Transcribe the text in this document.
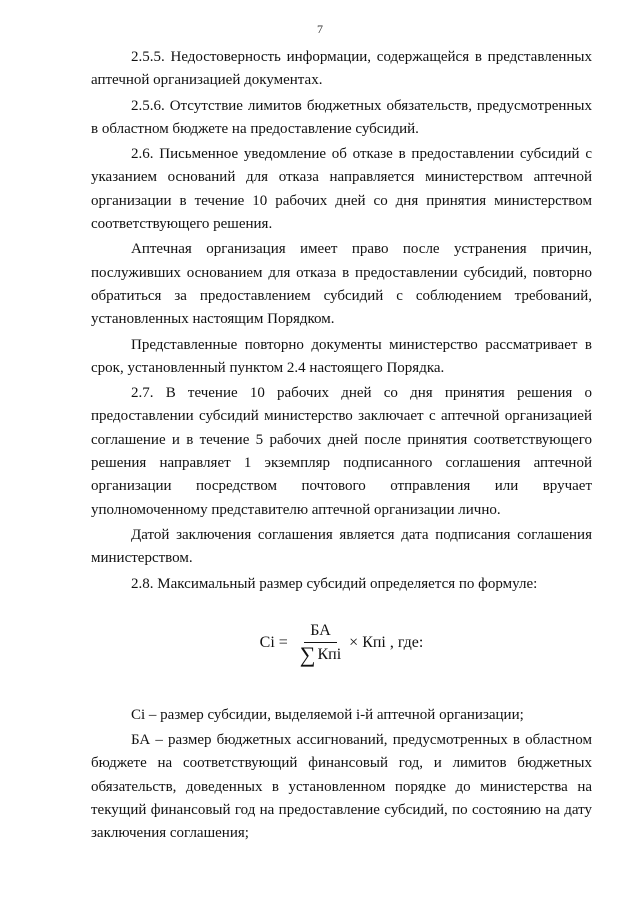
7

2.5.5. Недостоверность информации, содержащейся в представленных аптечной организацией документах.

2.5.6. Отсутствие лимитов бюджетных обязательств, предусмотренных в областном бюджете на предоставление субсидий.

2.6. Письменное уведомление об отказе в предоставлении субсидий с указанием оснований для отказа направляется министерством аптечной организации в течение 10 рабочих дней со дня принятия министерством соответствующего решения.

Аптечная организация имеет право после устранения причин, послуживших основанием для отказа в предоставлении субсидий, повторно обратиться за предоставлением субсидий с соблюдением требований, установленных настоящим Порядком.

Представленные повторно документы министерство рассматривает в срок, установленный пунктом 2.4 настоящего Порядка.

2.7. В течение 10 рабочих дней со дня принятия решения о предоставлении субсидий министерство заключает с аптечной организацией соглашение и в течение 5 рабочих дней после принятия соответствующего решения направляет 1 экземпляр подписанного соглашения аптечной организации посредством почтового отправления или вручает уполномоченному представителю аптечной организации лично.

Датой заключения соглашения является дата подписания соглашения министерством.

2.8. Максимальный размер субсидий определяется по формуле:

$Ci = \frac{БА}{\text{∑ Кпi}}$ × Кпi , где:

Ci – размер субсидии, выделяемой i-й аптечной организации;

БА – размер бюджетных ассигнований, предусмотренных в областном бюджете на соответствующий финансовый год, и лимитов бюджетных обязательств, доведенных в установленном порядке до министерства на текущий финансовый год на предоставление субсидий, по состоянию на дату заключения соглашения;
